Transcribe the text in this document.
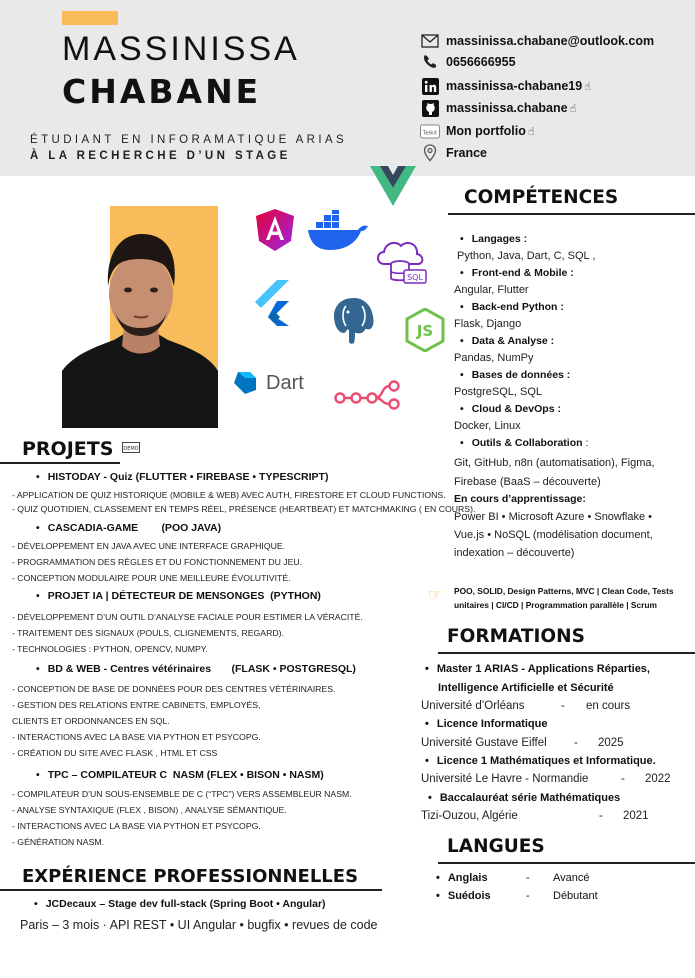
MASSINISSA
CHABANE
ÉTUDIANT EN INFORAMATIQUE ARIAS
À LA RECHERCHE D’UN STAGE
massinissa.chabane@outlook.com
0656666955
massinissa-chabane19 ☝
massinissa.chabane ☝
Telkit Mon portfolio ☝
France
SQL
JS
Dart
PROJETS DEMO
• HISTODAY - Quiz (FLUTTER • FIREBASE • TYPESCRIPT)
- APPLICATION DE QUIZ HISTORIQUE (MOBILE & WEB) AVEC AUTH, FIRESTORE ET CLOUD FUNCTIONS.
- QUIZ QUOTIDIEN, CLASSEMENT EN TEMPS RÉEL, PRÉSENCE (HEARTBEAT) ET MATCHMAKING ( EN COURS).
• CASCADIA-GAME        (POO JAVA)
- DÉVELOPPEMENT EN JAVA AVEC UNE INTERFACE GRAPHIQUE.
- PROGRAMMATION DES RÈGLES ET DU FONCTIONNEMENT DU JEU.
- CONCEPTION MODULAIRE POUR UNE MEILLEURE ÉVOLUTIVITÉ.
• PROJET IA | DÉTECTEUR DE MENSONGES  (PYTHON)
- DÉVELOPPEMENT D’UN OUTIL D’ANALYSE FACIALE POUR ESTIMER LA VÉRACITÉ.
- TRAITEMENT DES SIGNAUX (POULS, CLIGNEMENTS, REGARD).
- TECHNOLOGIES : PYTHON, OPENCV, NUMPY.
• BD & WEB - Centres vétérinaires       (FLASK • POSTGRESQL)
- CONCEPTION DE BASE DE DONNÉES POUR DES CENTRES VÉTÉRINAIRES.
- GESTION DES RELATIONS ENTRE CABINETS, EMPLOYÉS,
CLIENTS ET ORDONNANCES EN SQL.
- INTERACTIONS AVEC LA BASE VIA PYTHON ET PSYCOPG.
- CRÉATION DU SITE AVEC FLASK , HTML ET CSS
• TPC – COMPILATEUR C  NASM (FLEX • BISON • NASM)
- COMPILATEUR D’UN SOUS-ENSEMBLE DE C (“TPC”) VERS ASSEMBLEUR NASM.
- ANALYSE SYNTAXIQUE (FLEX , BISON) , ANALYSE SÉMANTIQUE.
- INTERACTIONS AVEC LA BASE VIA PYTHON ET PSYCOPG.
- GÉNÉRATION NASM.
EXPÉRIENCE PROFESSIONNELLES
• JCDecaux – Stage dev full-stack (Spring Boot • Angular)
Paris – 3 mois · API REST • UI Angular • bugfix • revues de code
COMPÉTENCES
• Langages :
Python, Java, Dart, C, SQL ,
• Front-end & Mobile :
Angular, Flutter
• Back-end Python :
Flask, Django
• Data & Analyse :
Pandas, NumPy
• Bases de données :
PostgreSQL, SQL
• Cloud & DevOps :
Docker, Linux
• Outils & Collaboration :
Git, GitHub, n8n (automatisation), Figma,
Firebase (BaaS – découverte)
En cours d’apprentissage:
Power BI • Microsoft Azure • Snowflake •
Vue.js • NoSQL (modélisation document,
indexation – découverte)
☞ POO, SOLID, Design Patterns, MVC | Clean Code, Tests
unitaires | CI/CD | Programmation parallèle | Scrum
FORMATIONS
• Master 1 ARIAS - Applications Réparties,
Intelligence Artificielle et Sécurité
Université d’Orléans	- en cours
• Licence Informatique
Université Gustave Eiffel - 2025
• Licence 1 Mathématiques et Informatique.
Université Le Havre - Normandie	- 2022
• Baccalauréat série Mathématiques
Tizi-Ouzou, Algérie	- 2021
LANGUES
• Anglais	- Avancé
• Suédois	- Débutant
